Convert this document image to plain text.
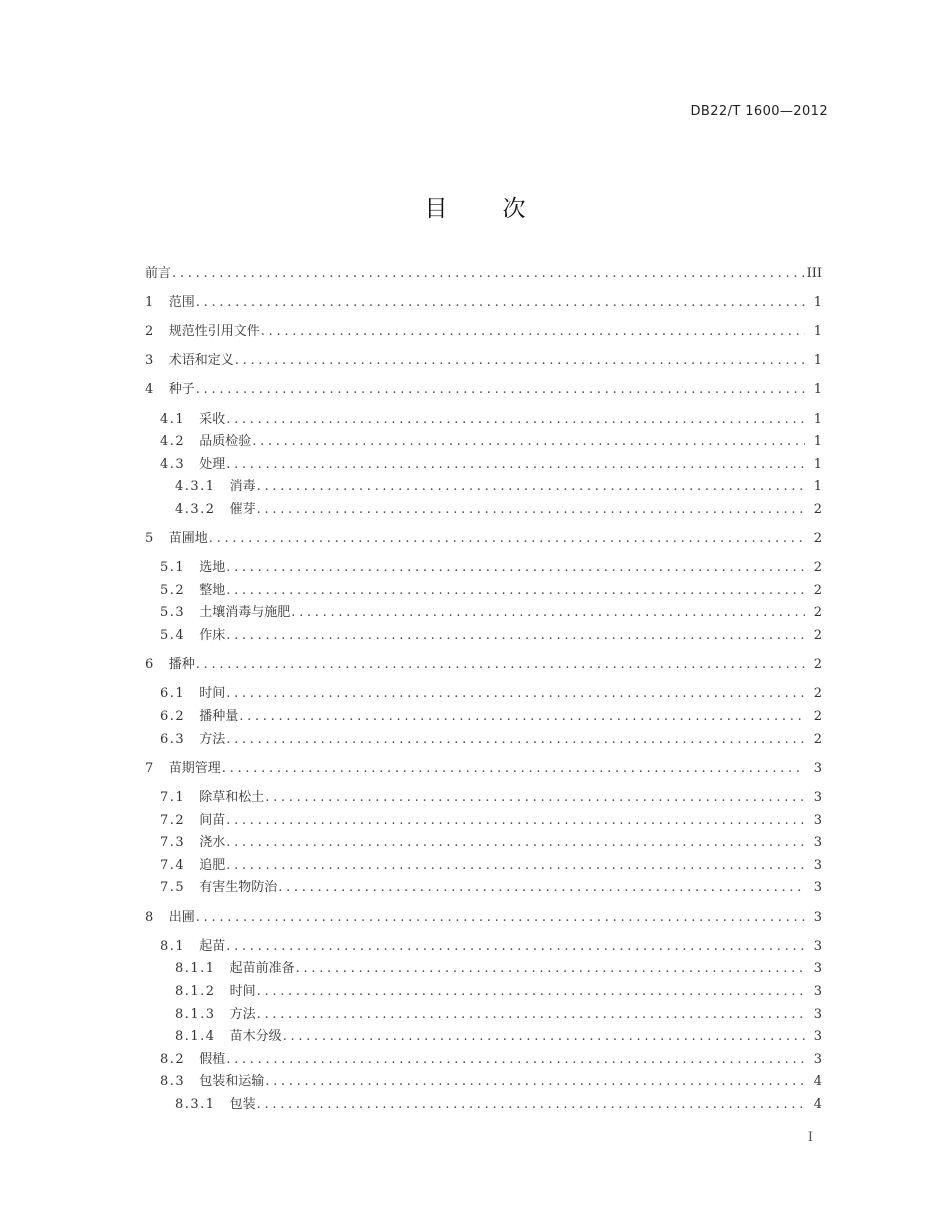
DB22/T 1600—2012
目次
前言 . . .	III
1 范围 . . .	1
2 规范性引用文件 . . .	1
3 术语和定义 . . .	1
4 种子 . . .	1
4.1 采收 . . .	1
4.2 品质检验 . . .	1
4.3 处理 . . .	1
4.3.1 消毒 . . .	1
4.3.2 催芽 . . .	2
5 苗圃地 . . .	2
5.1 选地 . . .	2
5.2 整地 . . .	2
5.3 土壤消毒与施肥 . . .	2
5.4 作床 . . .	2
6 播种 . . .	2
6.1 时间 . . .	2
6.2 播种量 . . .	2
6.3 方法 . . .	2
7 苗期管理 . . .	3
7.1 除草和松土 . . .	3
7.2 间苗 . . .	3
7.3 浇水 . . .	3
7.4 追肥 . . .	3
7.5 有害生物防治 . . .	3
8 出圃 . . .	3
8.1 起苗 . . .	3
8.1.1 起苗前准备 . . .	3
8.1.2 时间 . . .	3
8.1.3 方法 . . .	3
8.1.4 苗木分级 . . .	3
8.2 假植 . . .	3
8.3 包装和运输 . . .	4
8.3.1 包装 . . .	4
I
